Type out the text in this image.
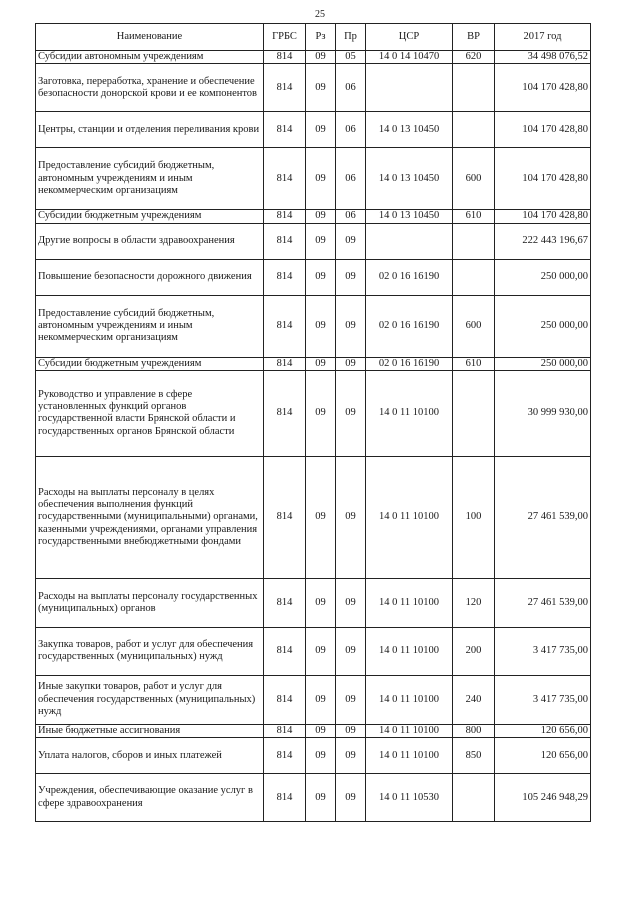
25
Наименование	ГРБС	Рз	Пр	ЦСР	ВР	2017 год
Субсидии автономным учреждениям	814	09	05	14 0 14 10470	620	34 498 076,52
Заготовка, переработка, хранение и обеспечение безопасности донорской крови и ее компонентов	814	09	06			104 170 428,80
Центры, станции и отделения переливания крови	814	09	06	14 0 13 10450		104 170 428,80
Предоставление субсидий бюджетным, автономным учреждениям и иным некоммерческим организациям	814	09	06	14 0 13 10450	600	104 170 428,80
Субсидии бюджетным учреждениям	814	09	06	14 0 13 10450	610	104 170 428,80
Другие вопросы в области здравоохранения	814	09	09			222 443 196,67
Повышение безопасности дорожного движения	814	09	09	02 0 16 16190		250 000,00
Предоставление субсидий бюджетным, автономным учреждениям и иным некоммерческим организациям	814	09	09	02 0 16 16190	600	250 000,00
Субсидии бюджетным учреждениям	814	09	09	02 0 16 16190	610	250 000,00
Руководство и управление в сфере установленных функций органов государственной власти Брянской области и государственных органов Брянской области	814	09	09	14 0 11 10100		30 999 930,00
Расходы на выплаты персоналу в целях обеспечения выполнения функций государственными (муниципальными) органами, казенными учреждениями, органами управления государственными внебюджетными фондами	814	09	09	14 0 11 10100	100	27 461 539,00
Расходы на выплаты персоналу государственных (муниципальных) органов	814	09	09	14 0 11 10100	120	27 461 539,00
Закупка товаров, работ и услуг для обеспечения государственных (муниципальных) нужд	814	09	09	14 0 11 10100	200	3 417 735,00
Иные закупки товаров, работ и услуг для обеспечения государственных (муниципальных) нужд	814	09	09	14 0 11 10100	240	3 417 735,00
Иные бюджетные ассигнования	814	09	09	14 0 11 10100	800	120 656,00
Уплата налогов, сборов и иных платежей	814	09	09	14 0 11 10100	850	120 656,00
Учреждения, обеспечивающие оказание услуг в сфере здравоохранения	814	09	09	14 0 11 10530		105 246 948,29
